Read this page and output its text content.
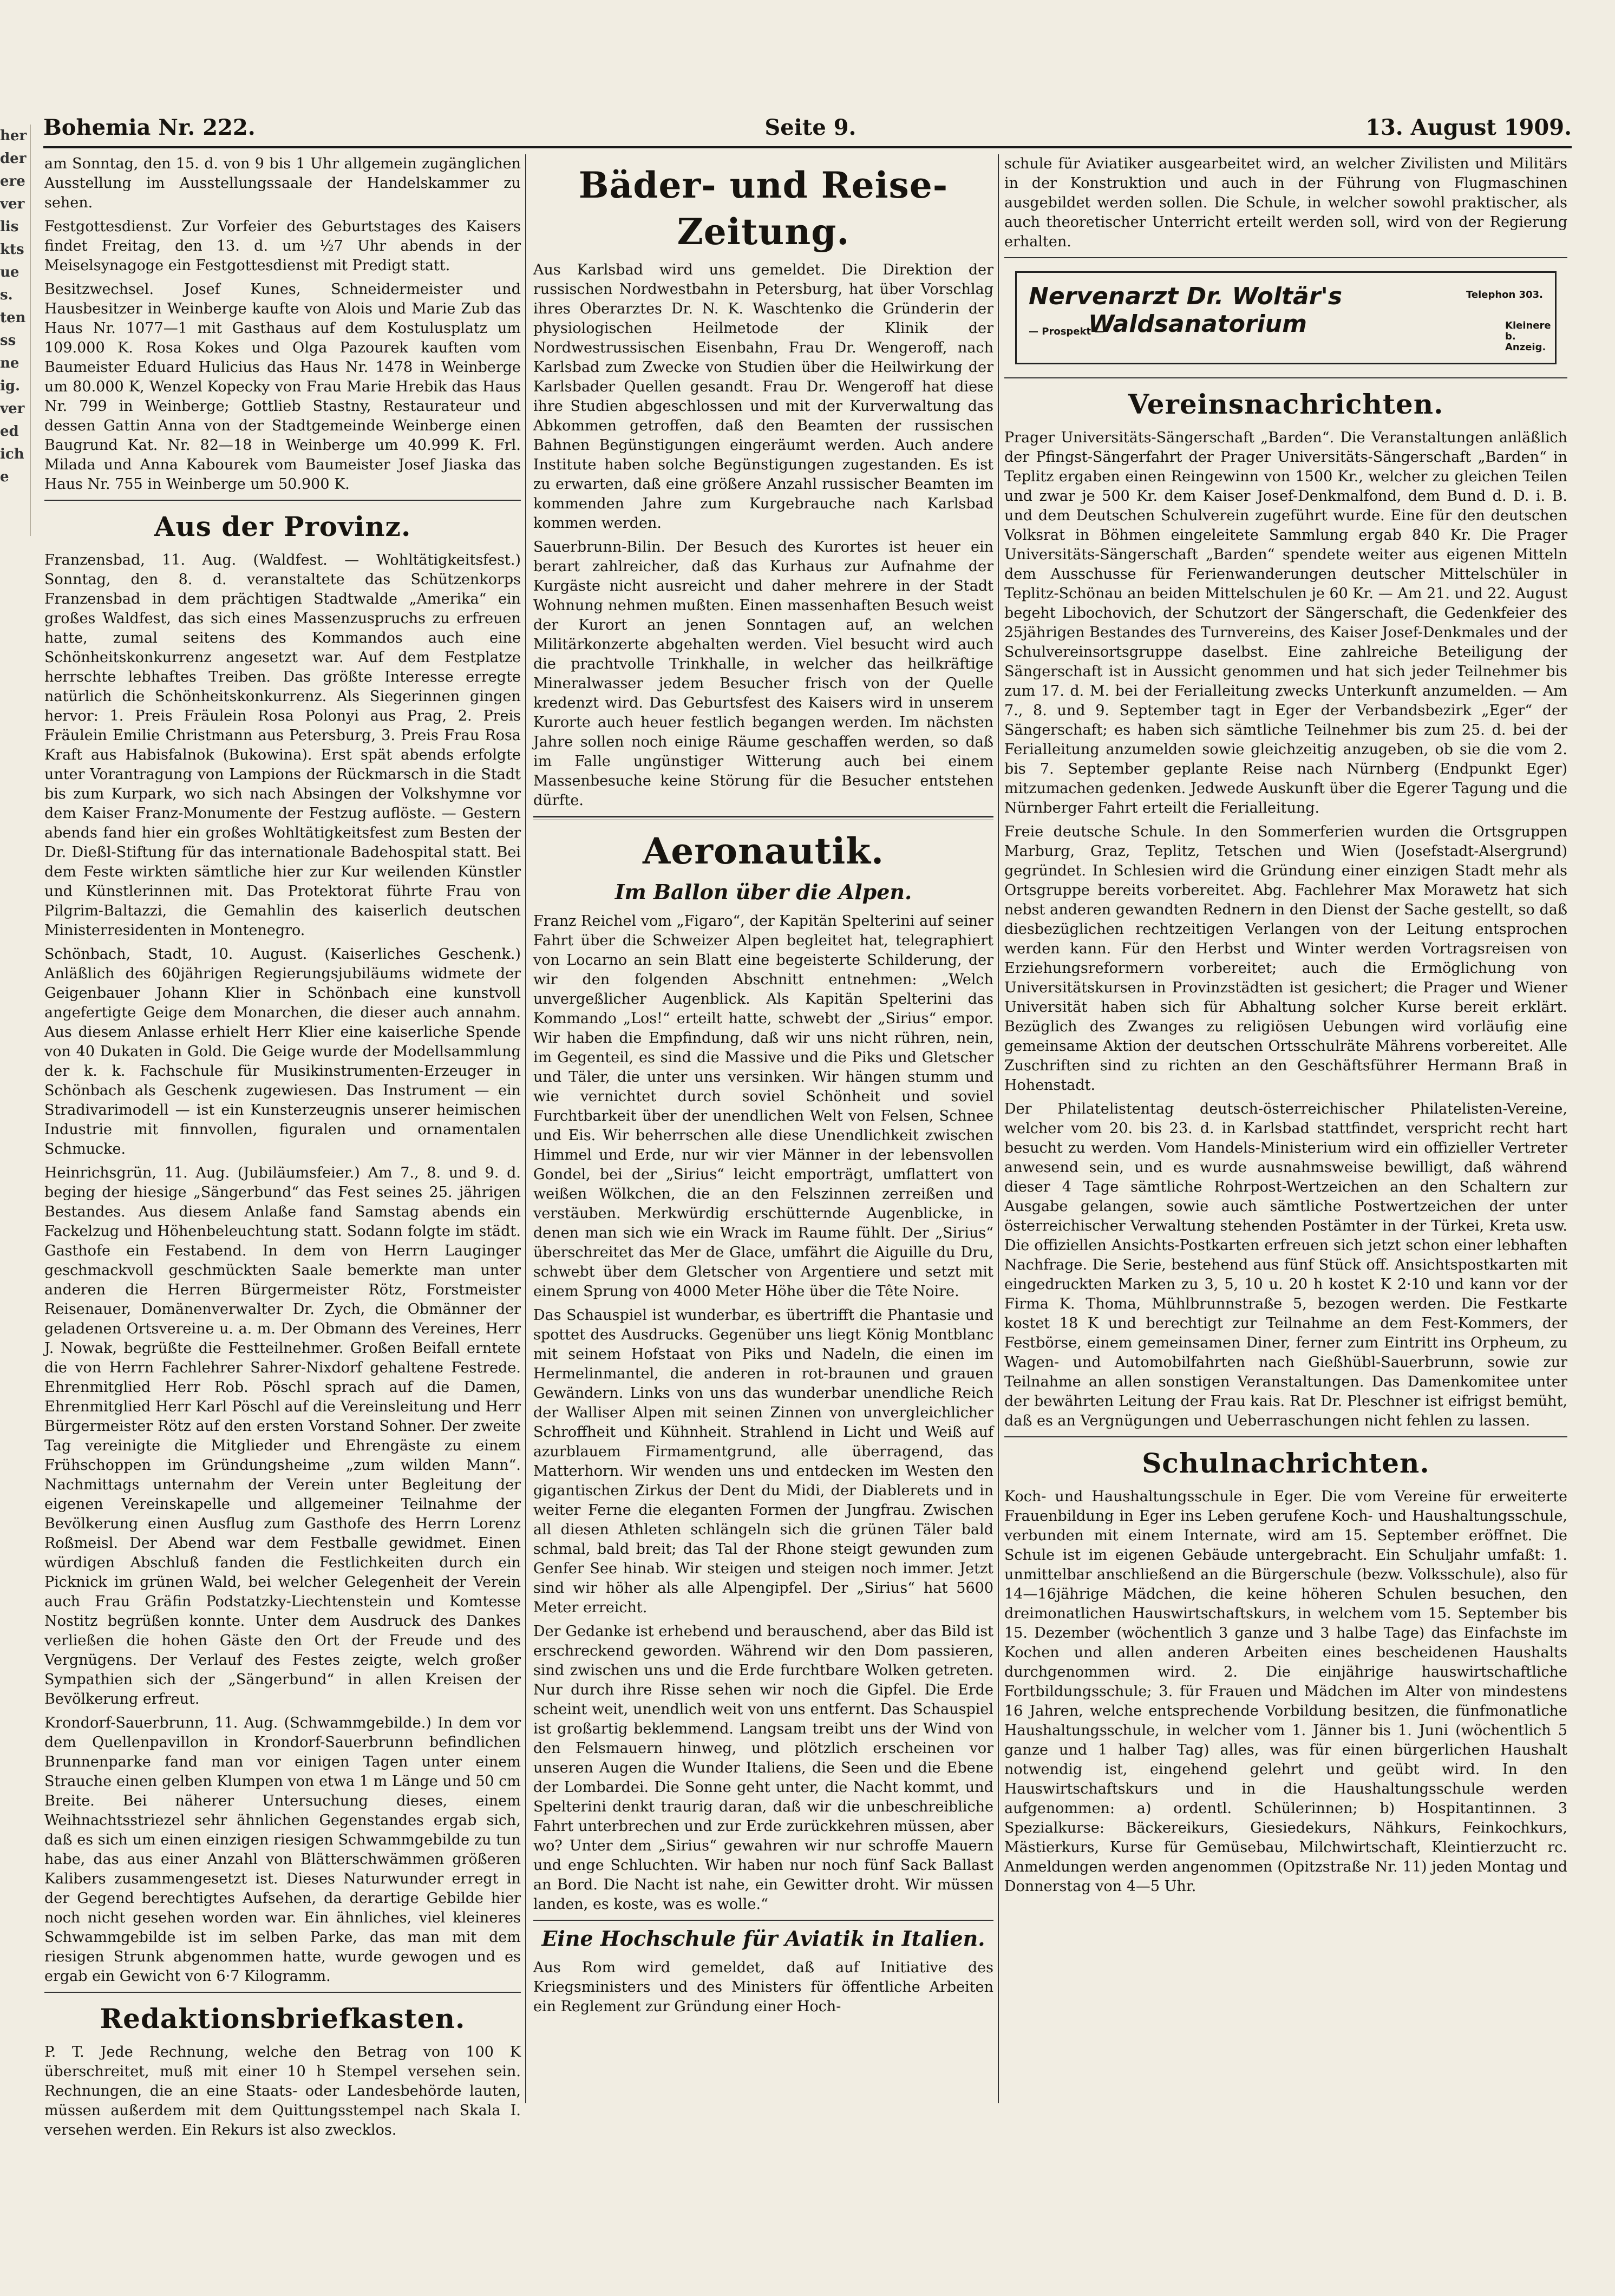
her
der
ere
ver
lis
kts
ue
s.
ten
ss
ne
ig.
ver
ed
ich
e
Bohemia Nr. 222.	Seite 9.	13. August 1909.

am Sonntag, den 15. d. von 9 bis 1 Uhr allgemein zugänglichen Ausstellung im Ausstellungssaale der Handelskammer zu sehen.

Festgottesdienst. Zur Vorfeier des Geburtstages des Kaisers findet Freitag, den 13. d. um ½7 Uhr abends in der Meiselsynagoge ein Festgottesdienst mit Predigt statt.

Besitzwechsel. Josef Kunes, Schneidermeister und Hausbesitzer in Weinberge kaufte von Alois und Marie Zub das Haus Nr. 1077—1 mit Gasthaus auf dem Kostulusplatz um 109.000 K. Rosa Kokes und Olga Pazourek kauften vom Baumeister Eduard Hulicius das Haus Nr. 1478 in Weinberge um 80.000 K, Wenzel Kopecky von Frau Marie Hrebik das Haus Nr. 799 in Weinberge; Gottlieb Stastny, Restaurateur und dessen Gattin Anna von der Stadtgemeinde Weinberge einen Baugrund Kat. Nr. 82—18 in Weinberge um 40.999 K. Frl. Milada und Anna Kabourek vom Baumeister Josef Jiaska das Haus Nr. 755 in Weinberge um 50.900 K.

Aus der Provinz.

Franzensbad, 11. Aug. (Waldfest. — Wohltätigkeitsfest.) Sonntag, den 8. d. veranstaltete das Schützenkorps Franzensbad in dem prächtigen Stadtwalde „Amerika“ ein großes Waldfest, das sich eines Massenzuspruchs zu erfreuen hatte, zumal seitens des Kommandos auch eine Schönheitskonkurrenz angesetzt war. Auf dem Festplatze herrschte lebhaftes Treiben. Das größte Interesse erregte natürlich die Schönheitskonkurrenz. Als Siegerinnen gingen hervor: 1. Preis Fräulein Rosa Polonyi aus Prag, 2. Preis Fräulein Emilie Christmann aus Petersburg, 3. Preis Frau Rosa Kraft aus Habisfalnok (Bukowina). Erst spät abends erfolgte unter Vorantragung von Lampions der Rückmarsch in die Stadt bis zum Kurpark, wo sich nach Absingen der Volkshymne vor dem Kaiser Franz-Monumente der Festzug auflöste. — Gestern abends fand hier ein großes Wohltätigkeitsfest zum Besten der Dr. Dießl-Stiftung für das internationale Badehospital statt. Bei dem Feste wirkten sämtliche hier zur Kur weilenden Künstler und Künstlerinnen mit. Das Protektorat führte Frau von Pilgrim-Baltazzi, die Gemahlin des kaiserlich deutschen Ministerresidenten in Montenegro.

Schönbach, Stadt, 10. August. (Kaiserliches Geschenk.) Anläßlich des 60jährigen Regierungsjubiläums widmete der Geigenbauer Johann Klier in Schönbach eine kunstvoll angefertigte Geige dem Monarchen, die dieser auch annahm. Aus diesem Anlasse erhielt Herr Klier eine kaiserliche Spende von 40 Dukaten in Gold. Die Geige wurde der Modellsammlung der k. k. Fachschule für Musikinstrumenten-Erzeuger in Schönbach als Geschenk zugewiesen. Das Instrument — ein Stradivarimodell — ist ein Kunsterzeugnis unserer heimischen Industrie mit finnvollen, figuralen und ornamentalen Schmucke.

Heinrichsgrün, 11. Aug. (Jubiläumsfeier.) Am 7., 8. und 9. d. beging der hiesige „Sängerbund“ das Fest seines 25. jährigen Bestandes. Aus diesem Anlaße fand Samstag abends ein Fackelzug und Höhenbeleuchtung statt. Sodann folgte im städt. Gasthofe ein Festabend. In dem von Herrn Lauginger geschmackvoll geschmückten Saale bemerkte man unter anderen die Herren Bürgermeister Rötz, Forstmeister Reisenauer, Domänenverwalter Dr. Zych, die Obmänner der geladenen Ortsvereine u. a. m. Der Obmann des Vereines, Herr J. Nowak, begrüßte die Festteilnehmer. Großen Beifall erntete die von Herrn Fachlehrer Sahrer-Nixdorf gehaltene Festrede. Ehrenmitglied Herr Rob. Pöschl sprach auf die Damen, Ehrenmitglied Herr Karl Pöschl auf die Vereinsleitung und Herr Bürgermeister Rötz auf den ersten Vorstand Sohner. Der zweite Tag vereinigte die Mitglieder und Ehrengäste zu einem Frühschoppen im Gründungsheime „zum wilden Mann“. Nachmittags unternahm der Verein unter Begleitung der eigenen Vereinskapelle und allgemeiner Teilnahme der Bevölkerung einen Ausflug zum Gasthofe des Herrn Lorenz Roßmeisl. Der Abend war dem Festballe gewidmet. Einen würdigen Abschluß fanden die Festlichkeiten durch ein Picknick im grünen Wald, bei welcher Gelegenheit der Verein auch Frau Gräfin Podstatzky-Liechtenstein und Komtesse Nostitz begrüßen konnte. Unter dem Ausdruck des Dankes verließen die hohen Gäste den Ort der Freude und des Vergnügens. Der Verlauf des Festes zeigte, welch großer Sympathien sich der „Sängerbund“ in allen Kreisen der Bevölkerung erfreut.

Krondorf-Sauerbrunn, 11. Aug. (Schwammgebilde.) In dem vor dem Quellenpavillon in Krondorf-Sauerbrunn befindlichen Brunnenparke fand man vor einigen Tagen unter einem Strauche einen gelben Klumpen von etwa 1 m Länge und 50 cm Breite. Bei näherer Untersuchung dieses, einem Weihnachtsstriezel sehr ähnlichen Gegenstandes ergab sich, daß es sich um einen einzigen riesigen Schwammgebilde zu tun habe, das aus einer Anzahl von Blätterschwämmen größeren Kalibers zusammengesetzt ist. Dieses Naturwunder erregt in der Gegend berechtigtes Aufsehen, da derartige Gebilde hier noch nicht gesehen worden war. Ein ähnliches, viel kleineres Schwammgebilde ist im selben Parke, das man mit dem riesigen Strunk abgenommen hatte, wurde gewogen und es ergab ein Gewicht von 6·7 Kilogramm.

Redaktionsbriefkasten.

P. T. Jede Rechnung, welche den Betrag von 100 K überschreitet, muß mit einer 10 h Stempel versehen sein. Rechnungen, die an eine Staats- oder Landesbehörde lauten, müssen außerdem mit dem Quittungsstempel nach Skala I. versehen werden. Ein Rekurs ist also zwecklos.

Bäder- und Reise-Zeitung.

Aus Karlsbad wird uns gemeldet. Die Direktion der russischen Nordwestbahn in Petersburg, hat über Vorschlag ihres Oberarztes Dr. N. K. Waschtenko die Gründerin der physiologischen Heilmetode der Klinik der Nordwestrussischen Eisenbahn, Frau Dr. Wengeroff, nach Karlsbad zum Zwecke von Studien über die Heilwirkung der Karlsbader Quellen gesandt. Frau Dr. Wengeroff hat diese ihre Studien abgeschlossen und mit der Kurverwaltung das Abkommen getroffen, daß den Beamten der russischen Bahnen Begünstigungen eingeräumt werden. Auch andere Institute haben solche Begünstigungen zugestanden. Es ist zu erwarten, daß eine größere Anzahl russischer Beamten im kommenden Jahre zum Kurgebrauche nach Karlsbad kommen werden.

Sauerbrunn-Bilin. Der Besuch des Kurortes ist heuer ein berart zahlreicher, daß das Kurhaus zur Aufnahme der Kurgäste nicht ausreicht und daher mehrere in der Stadt Wohnung nehmen mußten. Einen massenhaften Besuch weist der Kurort an jenen Sonntagen auf, an welchen Militärkonzerte abgehalten werden. Viel besucht wird auch die prachtvolle Trinkhalle, in welcher das heilkräftige Mineralwasser jedem Besucher frisch von der Quelle kredenzt wird. Das Geburtsfest des Kaisers wird in unserem Kurorte auch heuer festlich begangen werden. Im nächsten Jahre sollen noch einige Räume geschaffen werden, so daß im Falle ungünstiger Witterung auch bei einem Massenbesuche keine Störung für die Besucher entstehen dürfte.

Aeronautik.
Im Ballon über die Alpen.

Franz Reichel vom „Figaro“, der Kapitän Spelterini auf seiner Fahrt über die Schweizer Alpen begleitet hat, telegraphiert von Locarno an sein Blatt eine begeisterte Schilderung, der wir den folgenden Abschnitt entnehmen: „Welch unvergeßlicher Augenblick. Als Kapitän Spelterini das Kommando „Los!“ erteilt hatte, schwebt der „Sirius“ empor. Wir haben die Empfindung, daß wir uns nicht rühren, nein, im Gegenteil, es sind die Massive und die Piks und Gletscher und Täler, die unter uns versinken. Wir hängen stumm und wie vernichtet durch soviel Schönheit und soviel Furchtbarkeit über der unendlichen Welt von Felsen, Schnee und Eis. Wir beherrschen alle diese Unendlichkeit zwischen Himmel und Erde, nur wir vier Männer in der lebensvollen Gondel, bei der „Sirius“ leicht emporträgt, umflattert von weißen Wölkchen, die an den Felszinnen zerreißen und verstäuben. Merkwürdig erschütternde Augenblicke, in denen man sich wie ein Wrack im Raume fühlt. Der „Sirius“ überschreitet das Mer de Glace, umfährt die Aiguille du Dru, schwebt über dem Gletscher von Argentiere und setzt mit einem Sprung von 4000 Meter Höhe über die Tête Noire.

Das Schauspiel ist wunderbar, es übertrifft die Phantasie und spottet des Ausdrucks. Gegenüber uns liegt König Montblanc mit seinem Hofstaat von Piks und Nadeln, die einen im Hermelinmantel, die anderen in rot-braunen und grauen Gewändern. Links von uns das wunderbar unendliche Reich der Walliser Alpen mit seinen Zinnen von unvergleichlicher Schroffheit und Kühnheit. Strahlend in Licht und Weiß auf azurblauem Firmamentgrund, alle überragend, das Matterhorn. Wir wenden uns und entdecken im Westen den gigantischen Zirkus der Dent du Midi, der Diablerets und in weiter Ferne die eleganten Formen der Jungfrau. Zwischen all diesen Athleten schlängeln sich die grünen Täler bald schmal, bald breit; das Tal der Rhone steigt gewunden zum Genfer See hinab. Wir steigen und steigen noch immer. Jetzt sind wir höher als alle Alpengipfel. Der „Sirius“ hat 5600 Meter erreicht.

Der Gedanke ist erhebend und berauschend, aber das Bild ist erschreckend geworden. Während wir den Dom passieren, sind zwischen uns und die Erde furchtbare Wolken getreten. Nur durch ihre Risse sehen wir noch die Gipfel. Die Erde scheint weit, unendlich weit von uns entfernt. Das Schauspiel ist großartig beklemmend. Langsam treibt uns der Wind von den Felsmauern hinweg, und plötzlich erscheinen vor unseren Augen die Wunder Italiens, die Seen und die Ebene der Lombardei. Die Sonne geht unter, die Nacht kommt, und Spelterini denkt traurig daran, daß wir die unbeschreibliche Fahrt unterbrechen und zur Erde zurückkehren müssen, aber wo? Unter dem „Sirius“ gewahren wir nur schroffe Mauern und enge Schluchten. Wir haben nur noch fünf Sack Ballast an Bord. Die Nacht ist nahe, ein Gewitter droht. Wir müssen landen, es koste, was es wolle.“

Eine Hochschule für Aviatik in Italien.

Aus Rom wird gemeldet, daß auf Initiative des Kriegsministers und des Ministers für öffentliche Arbeiten ein Reglement zur Gründung einer Hoch-

schule für Aviatiker ausgearbeitet wird, an welcher Zivilisten und Militärs in der Konstruktion und auch in der Führung von Flugmaschinen ausgebildet werden sollen. Die Schule, in welcher sowohl praktischer, als auch theoretischer Unterricht erteilt werden soll, wird von der Regierung erhalten.

Nervenarzt Dr. Woltär's	Telephon 303.
— Prospekt —
Waldsanatorium	Kleinere b. Anzeig.
Vereinsnachrichten.

Prager Universitäts-Sängerschaft „Barden“. Die Veranstaltungen anläßlich der Pfingst-Sängerfahrt der Prager Universitäts-Sängerschaft „Barden“ in Teplitz ergaben einen Reingewinn von 1500 Kr., welcher zu gleichen Teilen und zwar je 500 Kr. dem Kaiser Josef-Denkmalfond, dem Bund d. D. i. B. und dem Deutschen Schulverein zugeführt wurde. Eine für den deutschen Volksrat in Böhmen eingeleitete Sammlung ergab 840 Kr. Die Prager Universitäts-Sängerschaft „Barden“ spendete weiter aus eigenen Mitteln dem Ausschusse für Ferienwanderungen deutscher Mittelschüler in Teplitz-Schönau an beiden Mittelschulen je 60 Kr. — Am 21. und 22. August begeht Libochovich, der Schutzort der Sängerschaft, die Gedenkfeier des 25jährigen Bestandes des Turnvereins, des Kaiser Josef-Denkmales und der Schulvereinsortsgruppe daselbst. Eine zahlreiche Beteiligung der Sängerschaft ist in Aussicht genommen und hat sich jeder Teilnehmer bis zum 17. d. M. bei der Ferialleitung zwecks Unterkunft anzumelden. — Am 7., 8. und 9. September tagt in Eger der Verbandsbezirk „Eger“ der Sängerschaft; es haben sich sämtliche Teilnehmer bis zum 25. d. bei der Ferialleitung anzumelden sowie gleichzeitig anzugeben, ob sie die vom 2. bis 7. September geplante Reise nach Nürnberg (Endpunkt Eger) mitzumachen gedenken. Jedwede Auskunft über die Egerer Tagung und die Nürnberger Fahrt erteilt die Ferialleitung.

Freie deutsche Schule. In den Sommerferien wurden die Ortsgruppen Marburg, Graz, Teplitz, Tetschen und Wien (Josefstadt-Alsergrund) gegründet. In Schlesien wird die Gründung einer einzigen Stadt mehr als Ortsgruppe bereits vorbereitet. Abg. Fachlehrer Max Morawetz hat sich nebst anderen gewandten Rednern in den Dienst der Sache gestellt, so daß diesbezüglichen rechtzeitigen Verlangen von der Leitung entsprochen werden kann. Für den Herbst und Winter werden Vortragsreisen von Erziehungsreformern vorbereitet; auch die Ermöglichung von Universitätskursen in Provinzstädten ist gesichert; die Prager und Wiener Universität haben sich für Abhaltung solcher Kurse bereit erklärt. Bezüglich des Zwanges zu religiösen Uebungen wird vorläufig eine gemeinsame Aktion der deutschen Ortsschulräte Mährens vorbereitet. Alle Zuschriften sind zu richten an den Geschäftsführer Hermann Braß in Hohenstadt.

Der Philatelistentag deutsch-österreichischer Philatelisten-Vereine, welcher vom 20. bis 23. d. in Karlsbad stattfindet, verspricht recht hart besucht zu werden. Vom Handels-Ministerium wird ein offizieller Vertreter anwesend sein, und es wurde ausnahmsweise bewilligt, daß während dieser 4 Tage sämtliche Rohrpost-Wertzeichen an den Schaltern zur Ausgabe gelangen, sowie auch sämtliche Postwertzeichen der unter österreichischer Verwaltung stehenden Postämter in der Türkei, Kreta usw. Die offiziellen Ansichts-Postkarten erfreuen sich jetzt schon einer lebhaften Nachfrage. Die Serie, bestehend aus fünf Stück off. Ansichtspostkarten mit eingedruckten Marken zu 3, 5, 10 u. 20 h kostet K 2·10 und kann vor der Firma K. Thoma, Mühlbrunnstraße 5, bezogen werden. Die Festkarte kostet 18 K und berechtigt zur Teilnahme an dem Fest-Kommers, der Festbörse, einem gemeinsamen Diner, ferner zum Eintritt ins Orpheum, zu Wagen- und Automobilfahrten nach Gießhübl-Sauerbrunn, sowie zur Teilnahme an allen sonstigen Veranstaltungen. Das Damenkomitee unter der bewährten Leitung der Frau kais. Rat Dr. Pleschner ist eifrigst bemüht, daß es an Vergnügungen und Ueberraschungen nicht fehlen zu lassen.

Schulnachrichten.

Koch- und Haushaltungsschule in Eger. Die vom Vereine für erweiterte Frauenbildung in Eger ins Leben gerufene Koch- und Haushaltungsschule, verbunden mit einem Internate, wird am 15. September eröffnet. Die Schule ist im eigenen Gebäude untergebracht. Ein Schuljahr umfaßt: 1. unmittelbar anschließend an die Bürgerschule (bezw. Volksschule), also für 14—16jährige Mädchen, die keine höheren Schulen besuchen, den dreimonatlichen Hauswirtschaftskurs, in welchem vom 15. September bis 15. Dezember (wöchentlich 3 ganze und 3 halbe Tage) das Einfachste im Kochen und allen anderen Arbeiten eines bescheidenen Haushalts durchgenommen wird. 2. Die einjährige hauswirtschaftliche Fortbildungsschule; 3. für Frauen und Mädchen im Alter von mindestens 16 Jahren, welche entsprechende Vorbildung besitzen, die fünfmonatliche Haushaltungsschule, in welcher vom 1. Jänner bis 1. Juni (wöchentlich 5 ganze und 1 halber Tag) alles, was für einen bürgerlichen Haushalt notwendig ist, eingehend gelehrt und geübt wird. In den Hauswirtschaftskurs und in die Haushaltungsschule werden aufgenommen: a) ordentl. Schülerinnen; b) Hospitantinnen. 3 Spezialkurse: Bäckereikurs, Giesiedekurs, Nähkurs, Feinkochkurs, Mästierkurs, Kurse für Gemüsebau, Milchwirtschaft, Kleintierzucht rc. Anmeldungen werden angenommen (Opitzstraße Nr. 11) jeden Montag und Donnerstag von 4—5 Uhr.
